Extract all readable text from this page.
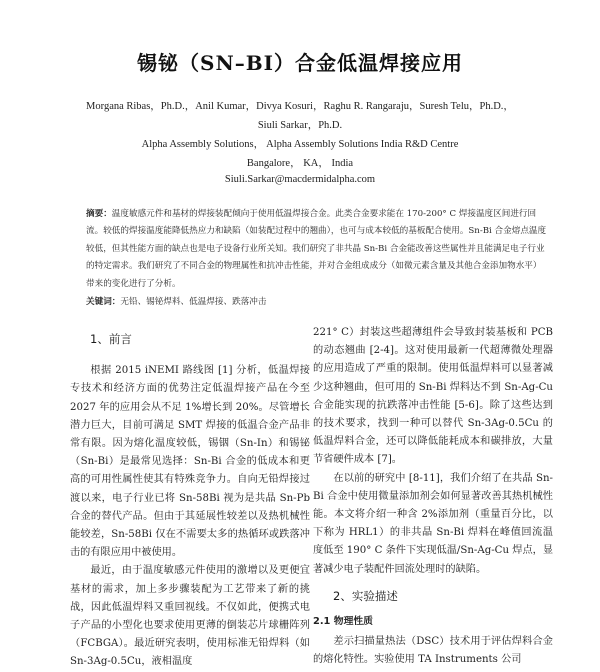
锡铋（SN–BI）合金低温焊接应用
Morgana Ribas，Ph.D.，Anil Kumar，Divya Kosuri，Raghu R. Rangaraju，Suresh Telu，Ph.D.，
Siuli Sarkar，Ph.D.
Alpha Assembly Solutions， Alpha Assembly Solutions India R&D Centre
Bangalore， KA， India
Siuli.Sarkar@macdermidalpha.com
摘要：温度敏感元件和基材的焊接装配倾向于使用低温焊接合金。此类合金要求能在 170-200° C 焊接温度区间进行回流。较低的焊接温度能降低热应力和缺陷（如装配过程中的翘曲），也可与成本较低的基板配合使用。Sn-Bi 合金熔点温度较低，但其性能方面的缺点也是电子设备行业所关知。我们研究了非共晶 Sn-Bi 合金能改善这些属性并且能满足电子行业的特定需求。我们研究了不同合金的物理属性和抗冲击性能，并对合金组成成分（如微元素含量及其他合金添加物水平）带来的变化进行了分析。
关键词：无铅、锡铋焊料、低温焊接、跌落冲击
1、前言

根据 2015 iNEMI 路线图 [1] 分析，低温焊接专技术和经济方面的优势注定低温焊接产品在今至 2027 年的应用会从不足 1%增长到 20%。尽管增长潜力巨大，目前可满足 SMT 焊接的低温合金产品非常有限。因为熔化温度较低，锡铟（Sn-In）和锡铋（Sn-Bi）是最常见选择：Sn-Bi 合金的低成本和更高的可用性属性使其有特殊竞争力。自向无铅焊接过渡以来，电子行业已将 Sn-58Bi 视为是共晶 Sn-Pb 合金的替代产品。但由于其延展性较差以及热机械性能较差，Sn-58Bi 仅在不需要太多的热循环或跌落冲击的有限应用中被使用。

最近，由于温度敏感元件使用的激增以及更便宜基材的需求，加上多步骤装配为工艺带来了新的挑战，因此低温焊料又重回视线。不仅如此，便携式电子产品的小型化也要求使用更薄的倒装芯片球栅阵列（FCBGA）。最近研究表明，使用标准无铅焊料（如 Sn-3Ag-0.5Cu，液相温度

221° C）封装这些超薄组件会导致封装基板和 PCB 的动态翘曲 [2-4]。这对使用最新一代超薄微处理器的应用造成了严重的限制。使用低温焊料可以显著减少这种翘曲，但可用的 Sn-Bi 焊料达不到 Sn-Ag-Cu 合金能实现的抗跌落冲击性能 [5-6]。除了这些达到的技术要求，找到一种可以替代 Sn-3Ag-0.5Cu 的低温焊料合金，还可以降低能耗成本和碳排放，大量节省硬件成本 [7]。

在以前的研究中 [8-11]，我们介绍了在共晶 Sn-Bi 合金中使用微量添加剂会如何显著改善其热机械性能。本文将介绍一种含 2%添加剂（重量百分比，以下称为 HRL1）的非共晶 Sn-Bi 焊料在峰值回流温度低至 190° C 条件下实现低温/Sn-Ag-Cu 焊点，显著减少电子装配件回流处理时的缺陷。

2、实验描述
2.1 物理性质

差示扫描量热法（DSC）技术用于评估焊料合金的熔化特性。实验使用 TA Instruments 公司
